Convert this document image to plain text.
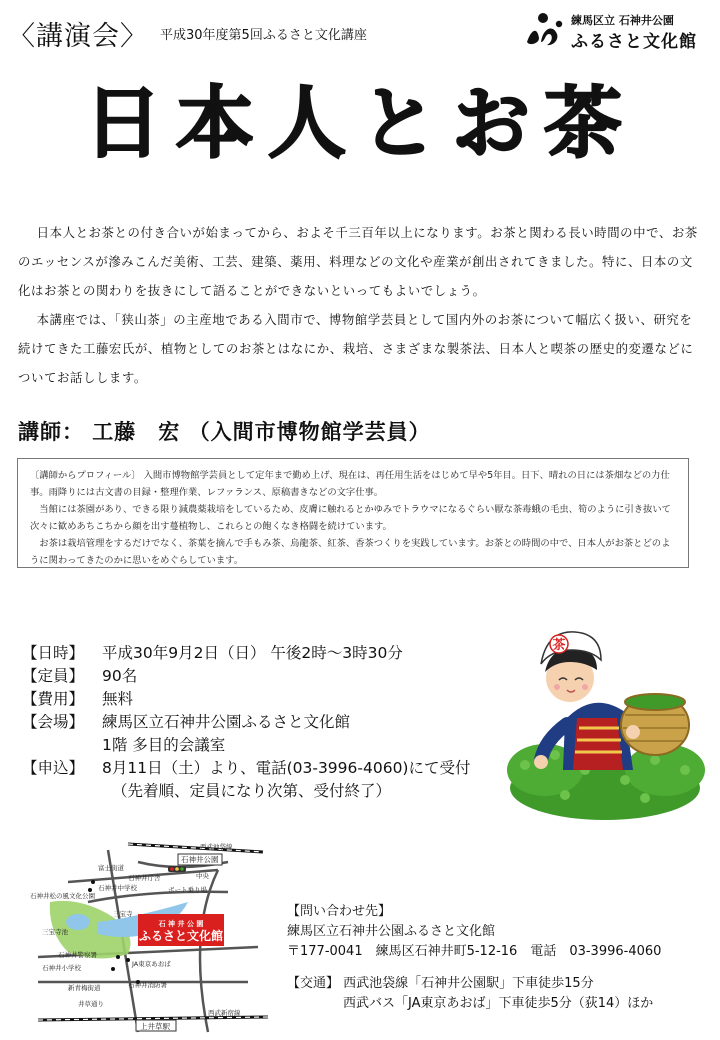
〈講演会〉 平成30年度第5回ふるさと文化講座
練馬区立 石神井公園
ふるさと文化館
日本人とお茶

日本人とお茶との付き合いが始まってから、およそ千三百年以上になります。お茶と関わる長い時間の中で、お茶のエッセンスが滲みこんだ美術、工芸、建築、薬用、料理などの文化や産業が創出されてきました。特に、日本の文化はお茶との関わりを抜きにして語ることができないといってもよいでしょう。

本講座では、「狭山茶」の主産地である入間市で、博物館学芸員として国内外のお茶について幅広く扱い、研究を続けてきた工藤宏氏が、植物としてのお茶とはなにか、栽培、さまざまな製茶法、日本人と喫茶の歴史的変遷などについてお話しします。

講師： 工藤　宏 （入間市博物館学芸員）

〔講師からプロフィール〕 入間市博物館学芸員として定年まで勤め上げ、現在は、再任用生活をはじめて早や5年目。日下、晴れの日には茶畑などの力仕事。雨降りには古文書の目録・整理作業、レファランス、原稿書きなどの文字仕事。

当館には茶園があり、できる限り減農薬栽培をしているため、皮膚に触れるとかゆみでトラウマになるぐらい厭な茶毒蛾の毛虫、筍のように引き抜いて次々に歓めあちこちから顔を出す蔓植物し、これらとの飽くなき格闘を続けています。

お茶は栽培管理をするだけでなく、茶葉を摘んで手もみ茶、烏龍茶、紅茶、香茶つくりを実践しています。お茶との時間の中で、日本人がお茶とどのように関わってきたのかに思いをめぐらしています。

【日時】	平成30年9月2日（日） 午後2時～3時30分
【定員】	90名
【費用】	無料
【会場】	練馬区立石神井公園ふるさと文化館
1階 多目的会議室
【申込】	8月11日（土）より、電話(03-3996-4060)にて受付
（先着順、定員になり次第、受付終了）
茶
石 神 井 公 園
ふるさと文化館
西武池袋線
石神井公園
富士街道
石神井中学校
石神井松の風文化公園
三宝寺池
三宝寺
石神井警察署
石神井小学校	JA東京あおば
石神井消防署
新青梅街道
井草通り
西武新宿線
ボート乗り場
中央
石神井庁舎
上井草駅
【問い合わせ先】
練馬区立石神井公園ふるさと文化館
〒177-0041　練馬区石神井町5-12-16　電話　03-3996-4060
【交通】 西武池袋線「石神井公園駅」下車徒歩15分
西武バス「JA東京あおば」下車徒歩5分（荻14）ほか
